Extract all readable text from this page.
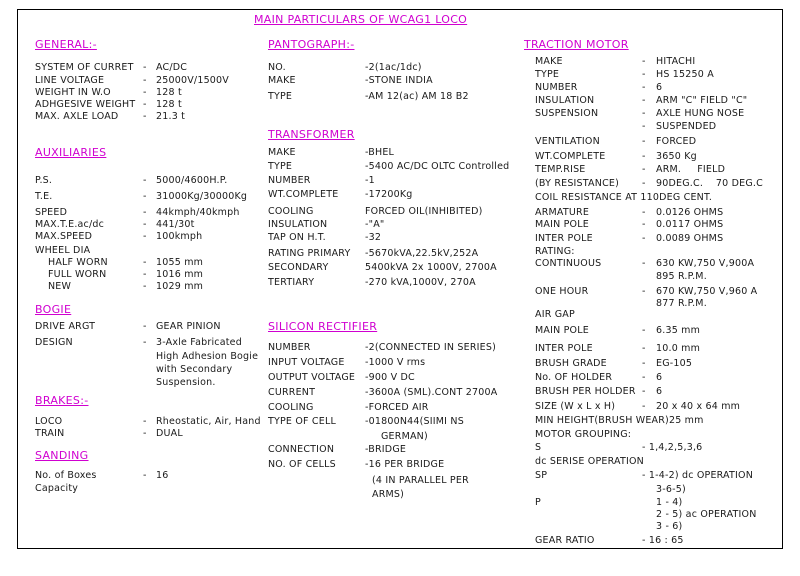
MAIN PARTICULARS OF WCAG1 LOCO
GENERAL:-
SYSTEM OF CURRET - AC/DC
LINE VOLTAGE	- 25000V/1500V
WEIGHT IN W.O	- 128 t
ADHGESIVE WEIGHT - 128 t
MAX. AXLE LOAD	- 21.3 t
AUXILIARIES
P.S.	- 5000/4600H.P.
T.E.	- 31000Kg/30000Kg
SPEED	- 44kmph/40kmph
MAX.T.E.ac/dc	- 441/30t
MAX.SPEED	- 100kmph
WHEEL DIA
HALF WORN	- 1055 mm
FULL WORN	- 1016 mm
NEW	- 1029 mm
BOGIE
DRIVE ARGT	- GEAR PINION
DESIGN	- 3-Axle Fabricated
High Adhesion Bogie
with Secondary
Suspension.
BRAKES:-
LOCO	- Rheostatic, Air, Hand
TRAIN	- DUAL
SANDING
No. of Boxes	- 16
Capacity
PANTOGRAPH:-
NO.	-2(1ac/1dc)
MAKE	-STONE INDIA
TYPE	-AM 12(ac) AM 18 B2
TRANSFORMER
MAKE	-BHEL
TYPE	-5400 AC/DC OLTC Controlled
NUMBER	-1
WT.COMPLETE	-17200Kg
COOLING	FORCED OIL(INHIBITED)
INSULATION	-"A"
TAP ON H.T.	-32
RATING PRIMARY -5670kVA,22.5kV,252A
SECONDARY	5400kVA 2x 1000V, 2700A
TERTIARY	-270 kVA,1000V, 270A
SILICON RECTIFIER
NUMBER	-2(CONNECTED IN SERIES)
INPUT VOLTAGE -1000 V rms
OUTPUT VOLTAGE -900 V DC
CURRENT	-3600A (SML).CONT 2700A
COOLING	-FORCED AIR
TYPE OF CELL	-01800N44(SIIMI NS
GERMAN)
CONNECTION	-BRIDGE
NO. OF CELLS	-16 PER BRIDGE
(4 IN PARALLEL PER
ARMS)
TRACTION MOTOR
MAKE	- HITACHI
TYPE	- HS 15250 A
NUMBER	- 6
INSULATION	- ARM "C" FIELD "C"
SUSPENSION	- AXLE HUNG NOSE
- SUSPENDED
VENTILATION	- FORCED
WT.COMPLETE	- 3650 Kg
TEMP.RISE	- ARM.     FIELD
(BY RESISTANCE) - 90DEG.C.    70 DEG.C
COIL RESISTANCE AT 110DEG CENT.
ARMATURE	- 0.0126 OHMS
MAIN POLE	- 0.0117 OHMS
INTER POLE	- 0.0089 OHMS
RATING:
CONTINUOUS	- 630 KW,750 V,900A
895 R.P.M.
ONE HOUR	- 670 KW,750 V,960 A
877 R.P.M.
AIR GAP
MAIN POLE	- 6.35 mm
INTER POLE	- 10.0 mm
BRUSH GRADE	- EG-105
No. OF HOLDER	- 6
BRUSH PER HOLDER - 6
SIZE (W x L x H)	- 20 x 40 x 64 mm
MIN HEIGHT(BRUSH WEAR)25 mm
MOTOR GROUPING:
S	- 1,4,2,5,3,6
dc SERISE OPERATION
SP	- 1-4-2) dc OPERATION
3-6-5)
P	1 - 4)
2 - 5) ac OPERATION
3 - 6)
GEAR RATIO	- 16 : 65
